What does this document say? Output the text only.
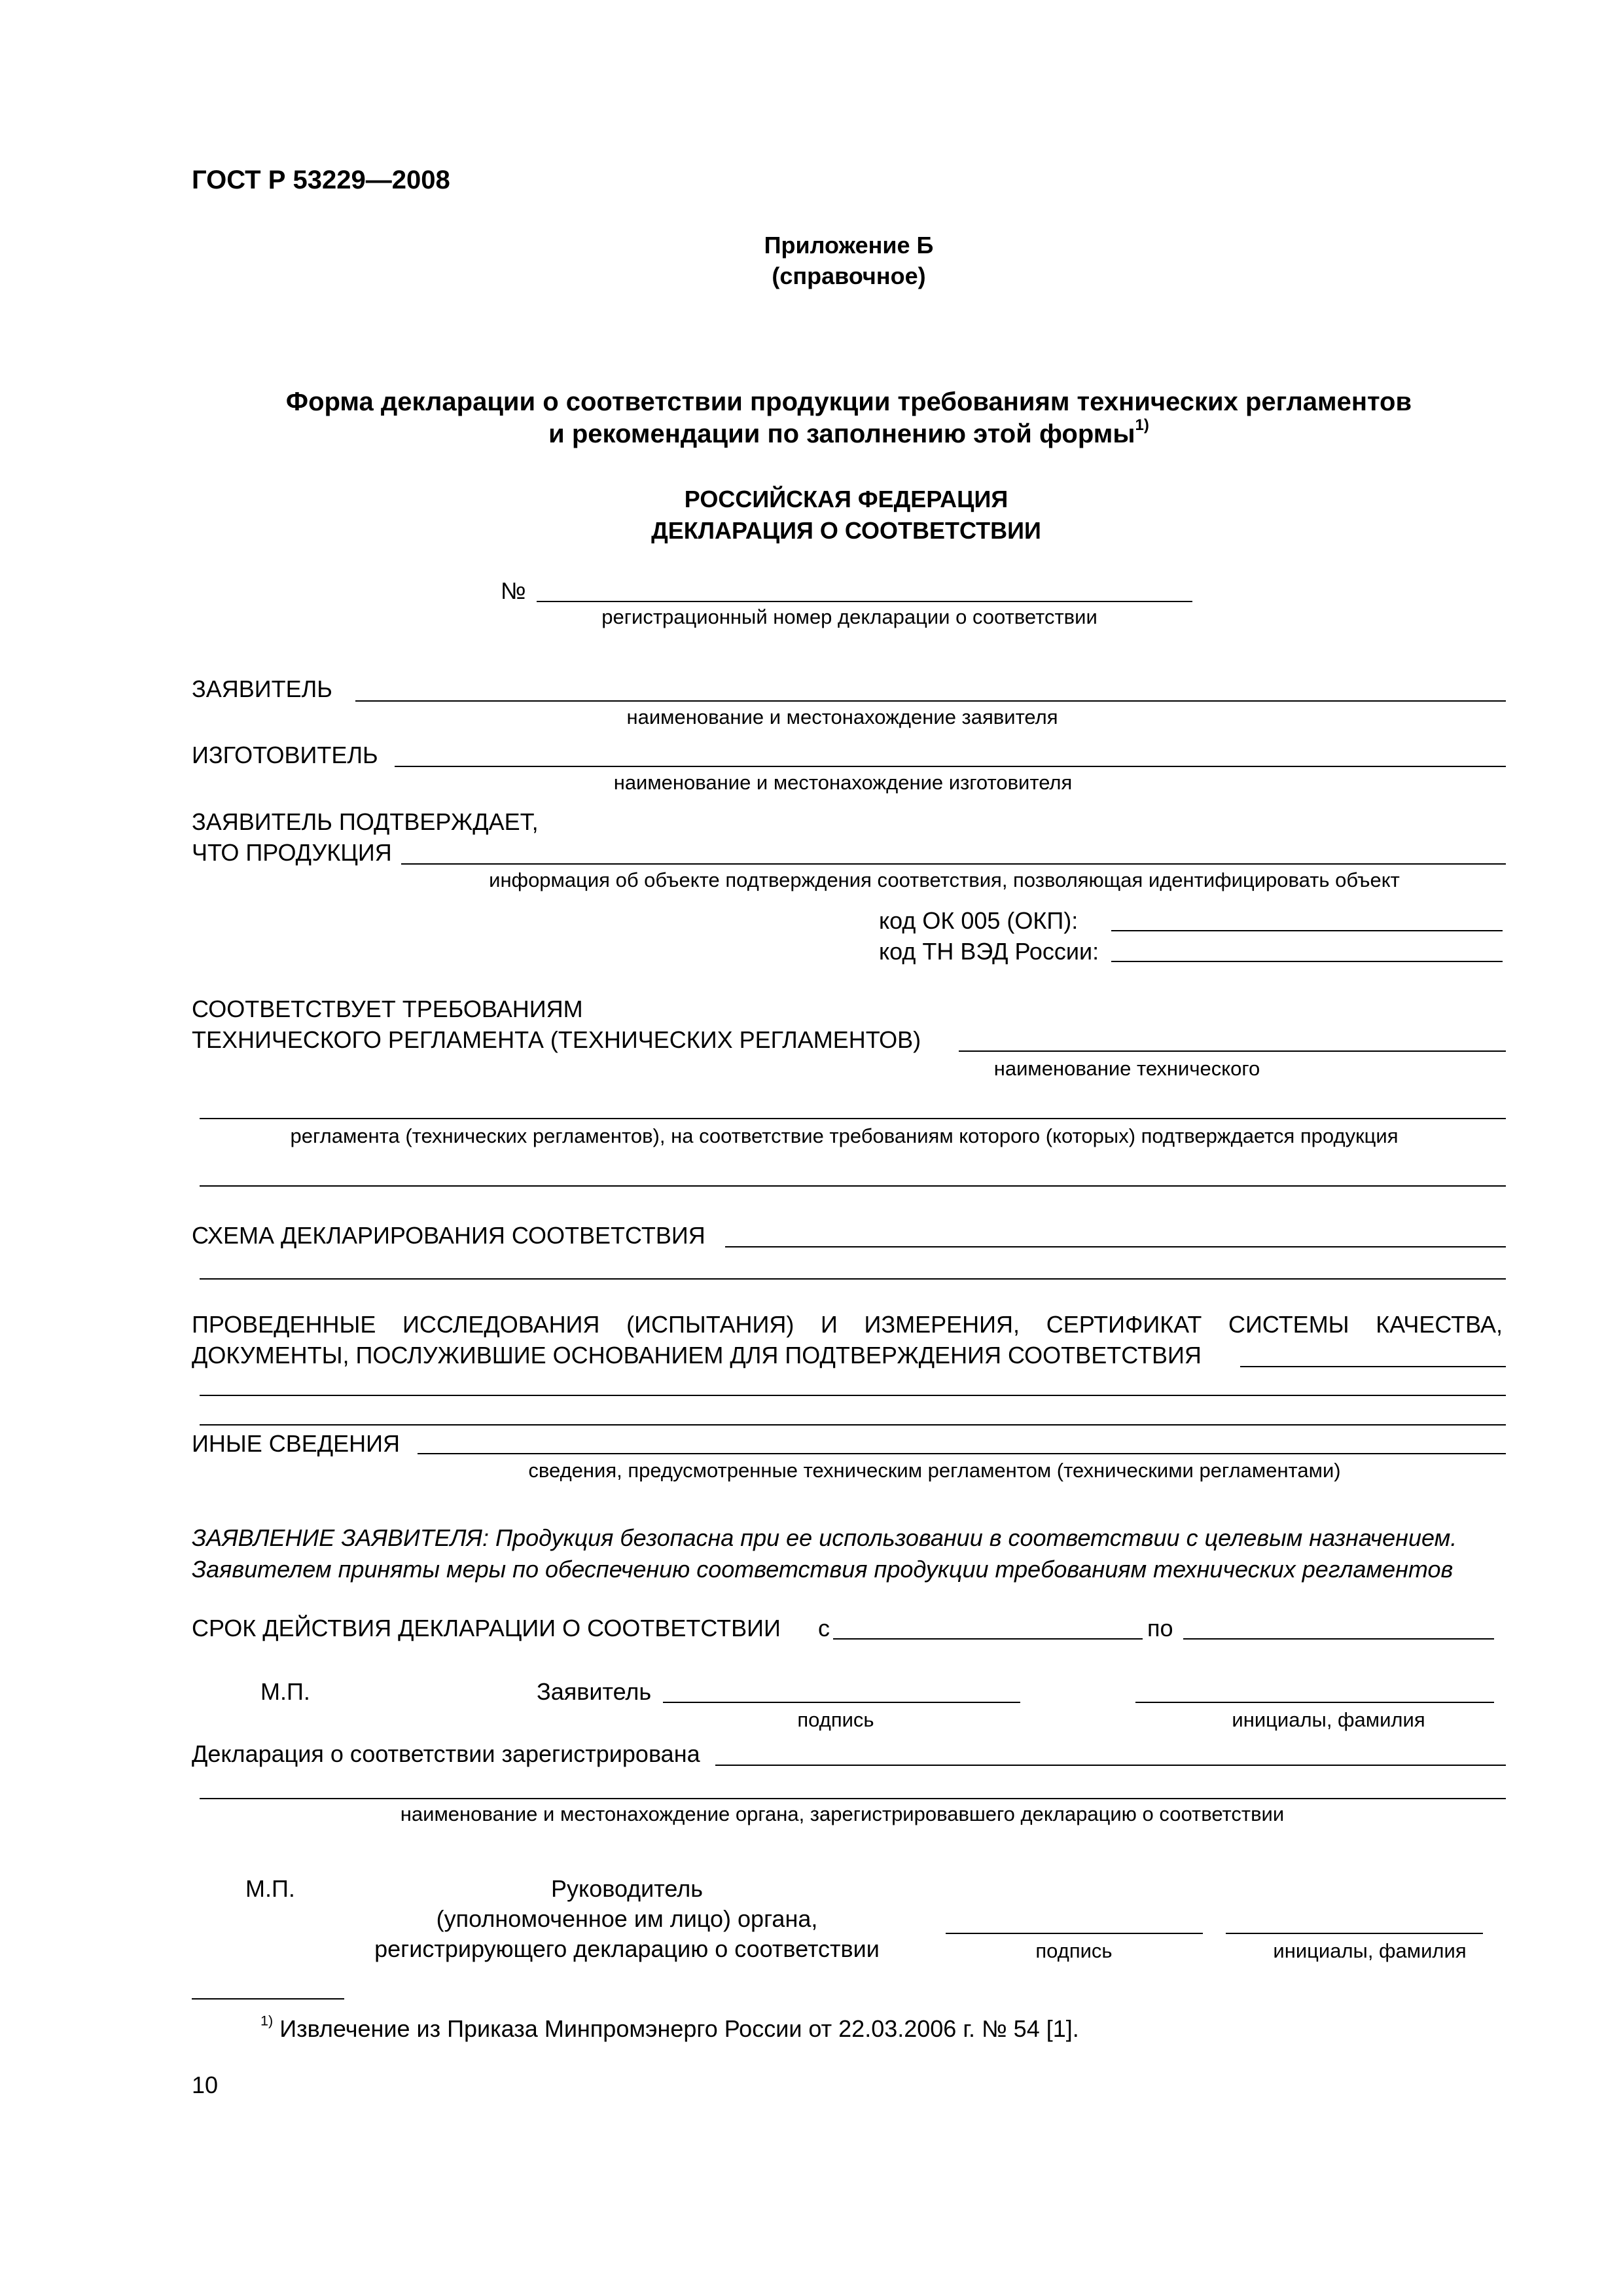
ГОСТ Р 53229—2008
Приложение Б
(справочное)
Форма декларации о соответствии продукции требованиям технических регламентов
и рекомендации по заполнению этой формы$^{1)}$
РОССИЙСКАЯ ФЕДЕРАЦИЯ
ДЕКЛАРАЦИЯ О СООТВЕТСТВИИ
№
регистрационный номер декларации о соответствии
ЗАЯВИТЕЛЬ
наименование и местонахождение заявителя
ИЗГОТОВИТЕЛЬ
наименование и местонахождение изготовителя
ЗАЯВИТЕЛЬ ПОДТВЕРЖДАЕТ,
ЧТО ПРОДУКЦИЯ
информация об объекте подтверждения соответствия, позволяющая идентифицировать объект
код ОК 005 (ОКП):
код ТН ВЭД России:
СООТВЕТСТВУЕТ ТРЕБОВАНИЯМ
ТЕХНИЧЕСКОГО РЕГЛАМЕНТА (ТЕХНИЧЕСКИХ РЕГЛАМЕНТОВ)
наименование технического
регламента (технических регламентов), на соответствие требованиям которого (которых) подтверждается продукция
СХЕМА ДЕКЛАРИРОВАНИЯ СООТВЕТСТВИЯ
ПРОВЕДЕННЫЕ ИССЛЕДОВАНИЯ (ИСПЫТАНИЯ) И ИЗМЕРЕНИЯ, СЕРТИФИКАТ СИСТЕМЫ КАЧЕСТВА,
ДОКУМЕНТЫ, ПОСЛУЖИВШИЕ ОСНОВАНИЕМ ДЛЯ ПОДТВЕРЖДЕНИЯ СООТВЕТСТВИЯ
ИНЫЕ СВЕДЕНИЯ
сведения, предусмотренные техническим регламентом (техническими регламентами)
ЗАЯВЛЕНИЕ ЗАЯВИТЕЛЯ: Продукция безопасна при ее использовании в соответствии с целевым назначением.
Заявителем приняты меры по обеспечению соответствия продукции требованиям технических регламентов
СРОК ДЕЙСТВИЯ ДЕКЛАРАЦИИ О СООТВЕТСТВИИ с	по
М.П.	Заявитель
подпись	инициалы, фамилия
Декларация о соответствии зарегистрирована
наименование и местонахождение органа, зарегистрировавшего декларацию о соответствии
М.П.	Руководитель
(уполномоченное им лицо) органа,
регистрирующего декларацию о соответствии	подпись	инициалы, фамилия
$^{1)}$ Извлечение из Приказа Минпромэнерго России от 22.03.2006 г. № 54 [1].
10
